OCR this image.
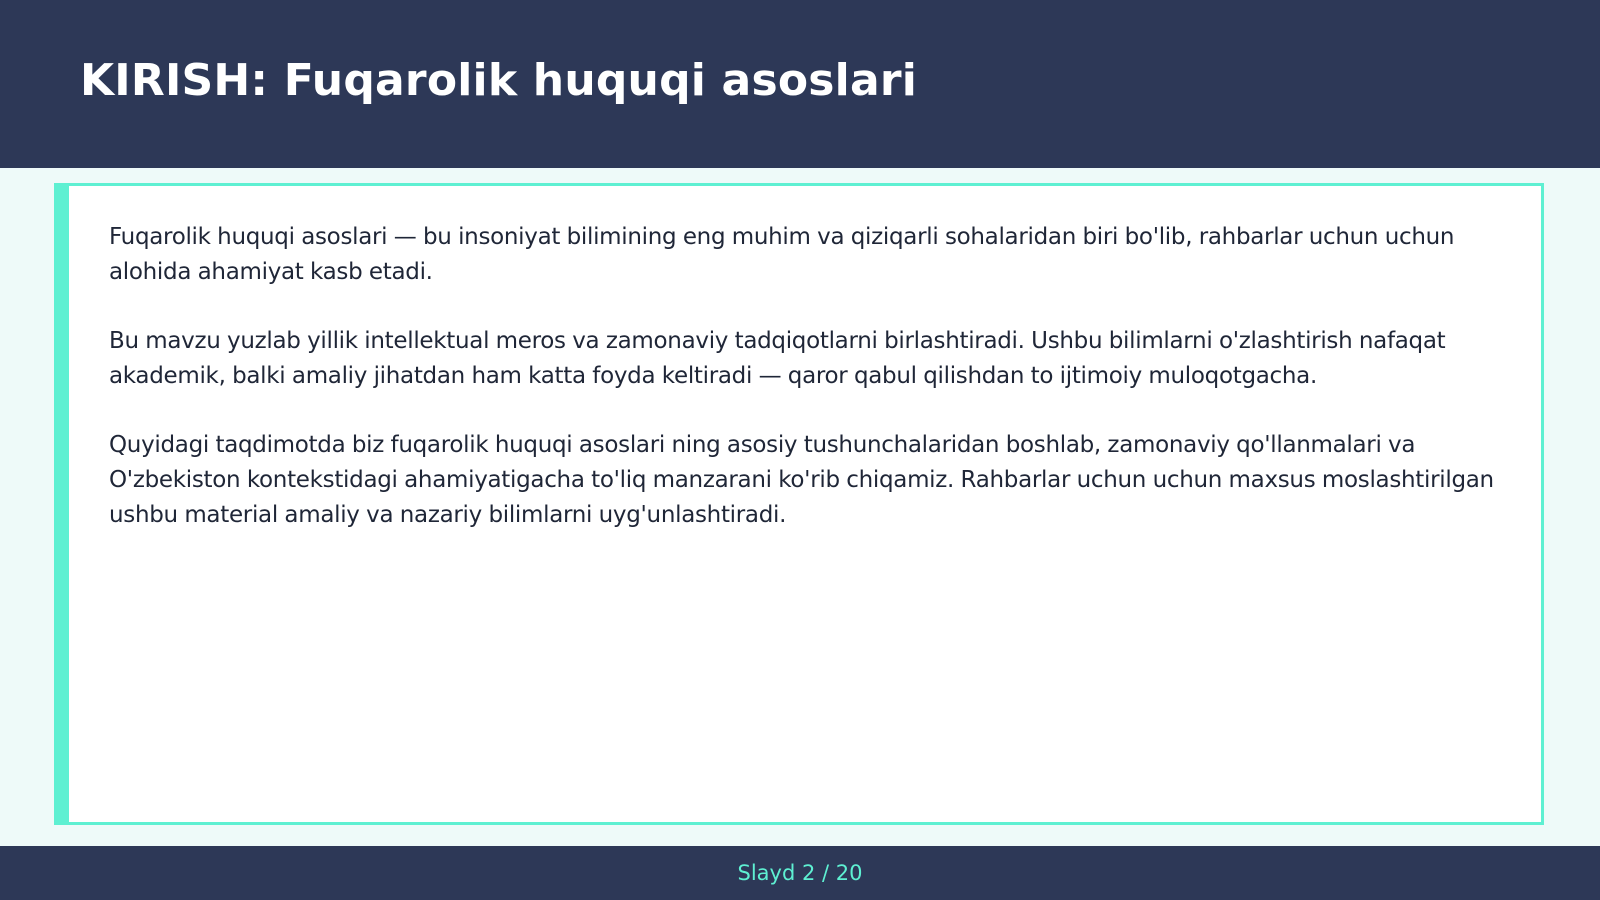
KIRISH: Fuqarolik huquqi asoslari

Fuqarolik huquqi asoslari — bu insoniyat bilimining eng muhim va qiziqarli sohalaridan biri bo'lib, rahbarlar uchun uchun alohida ahamiyat kasb etadi.

Bu mavzu yuzlab yillik intellektual meros va zamonaviy tadqiqotlarni birlashtiradi. Ushbu bilimlarni o'zlashtirish nafaqat akademik, balki amaliy jihatdan ham katta foyda keltiradi — qaror qabul qilishdan to ijtimoiy muloqotgacha.

Quyidagi taqdimotda biz fuqarolik huquqi asoslari ning asosiy tushunchalaridan boshlab, zamonaviy qo'llanmalari va O'zbekiston kontekstidagi ahamiyatigacha to'liq manzarani ko'rib chiqamiz. Rahbarlar uchun uchun maxsus moslashtirilgan ushbu material amaliy va nazariy bilimlarni uyg'unlashtiradi.

Slayd 2 / 20
